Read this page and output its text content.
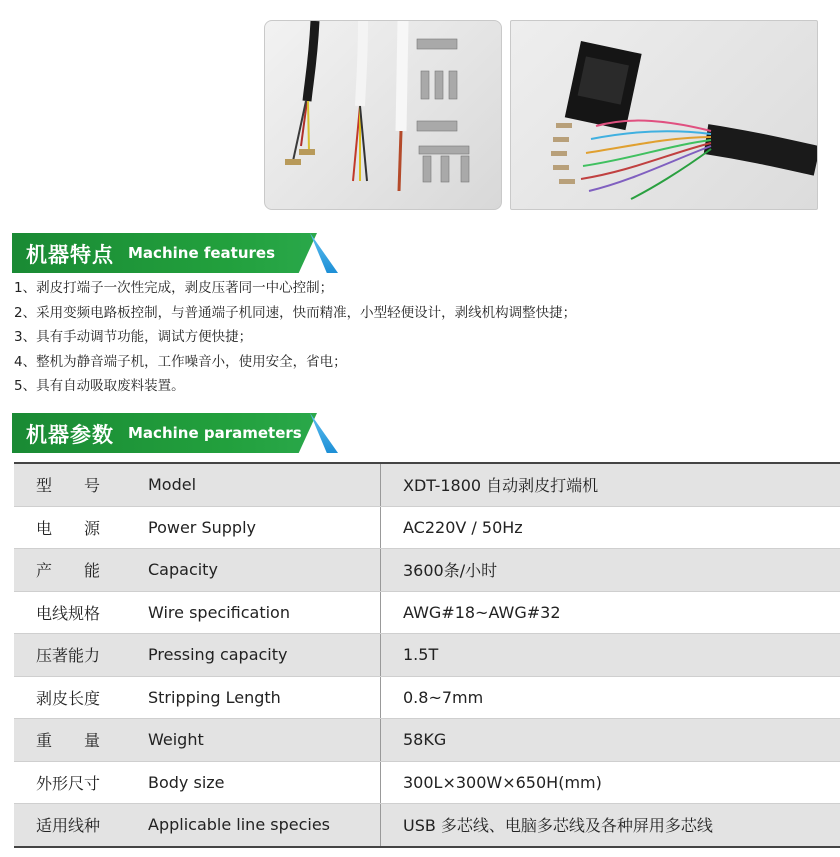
机器特点 Machine features
1、剥皮打端子一次性完成，剥皮压著同一中心控制；
2、采用变频电路板控制，与普通端子机同速，快而精准，小型轻便设计，剥线机构调整快捷；
3、具有手动调节功能，调试方便快捷；
4、整机为静音端子机，工作噪音小，使用安全，省电；
5、具有自动吸取废料装置。
机器参数 Machine parameters
型　　号	Model	XDT-1800 自动剥皮打端机
电　　源	Power Supply	AC220V / 50Hz
产　　能	Capacity	3600条/小时
电线规格	Wire specification	AWG#18~AWG#32
压著能力	Pressing capacity	1.5T
剥皮长度	Stripping Length	0.8~7mm
重　　量	Weight	58KG
外形尺寸	Body size	300L×300W×650H(mm)
适用线种	Applicable line species	USB 多芯线、电脑多芯线及各种屏用多芯线
